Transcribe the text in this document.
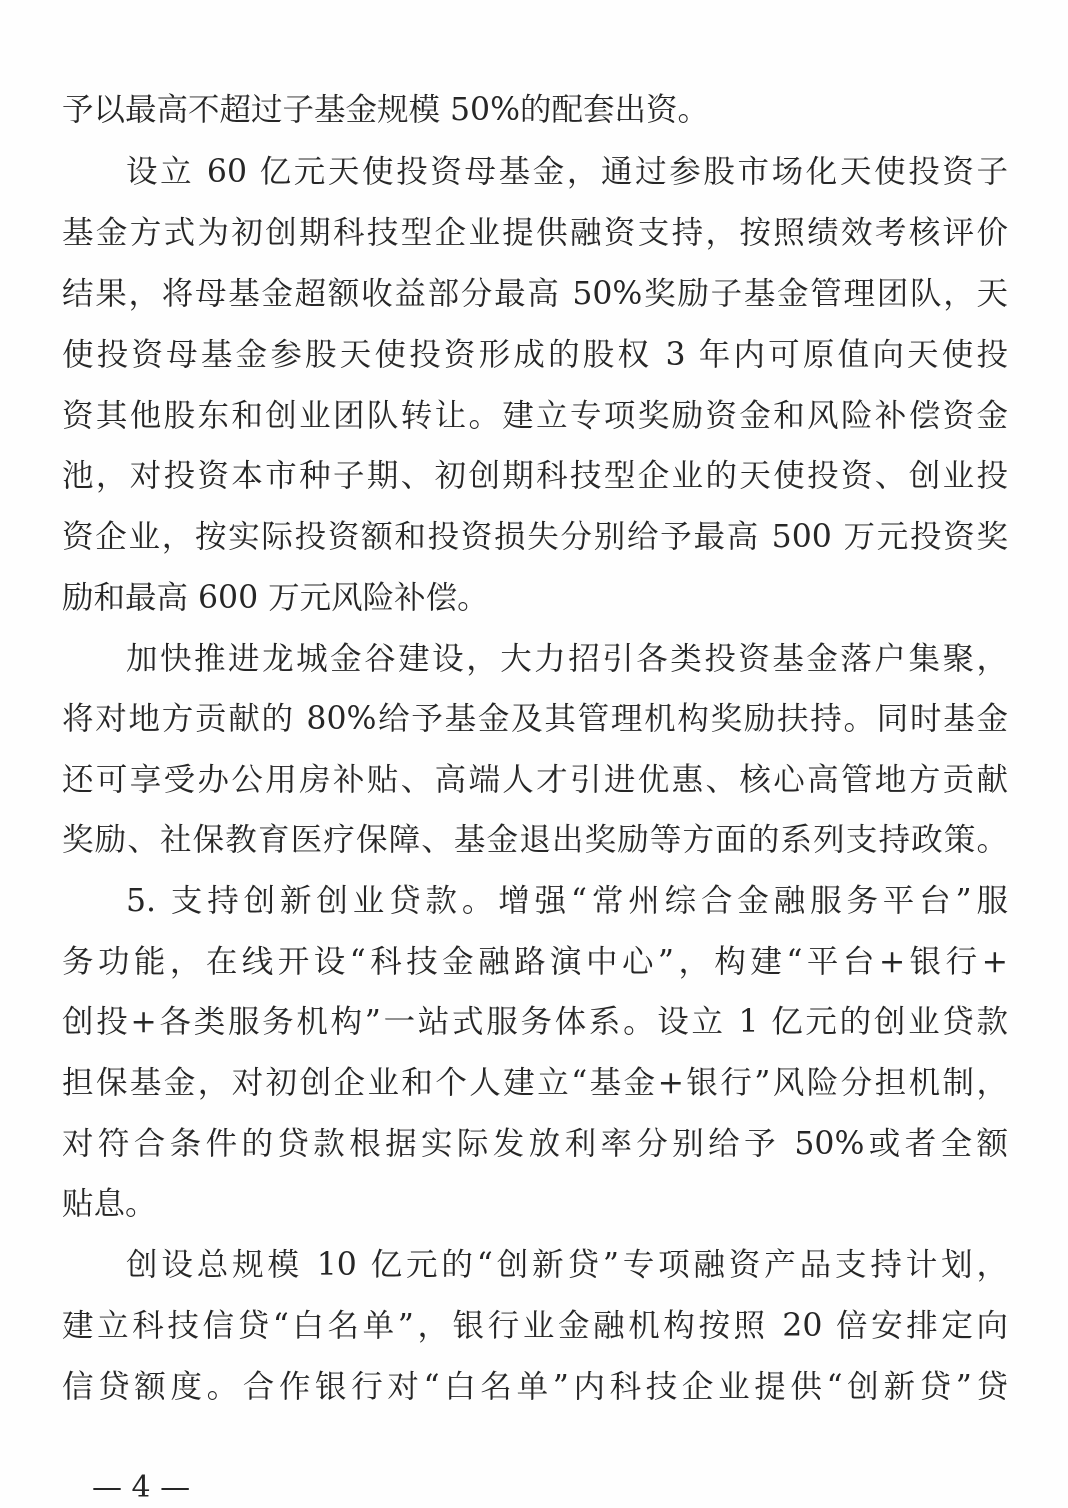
予以最高不超过子基金规模 50%的配套出资。
设立 60 亿元天使投资母基金，通过参股市场化天使投资子
基金方式为初创期科技型企业提供融资支持，按照绩效考核评价
结果，将母基金超额收益部分最高 50%奖励子基金管理团队，天
使投资母基金参股天使投资形成的股权 3 年内可原值向天使投
资其他股东和创业团队转让。建立专项奖励资金和风险补偿资金
池，对投资本市种子期、初创期科技型企业的天使投资、创业投
资企业，按实际投资额和投资损失分别给予最高 500 万元投资奖
励和最高 600 万元风险补偿。
加快推进龙城金谷建设，大力招引各类投资基金落户集聚，
将对地方贡献的 80%给予基金及其管理机构奖励扶持。同时基金
还可享受办公用房补贴、高端人才引进优惠、核心高管地方贡献
奖励、社保教育医疗保障、基金退出奖励等方面的系列支持政策。
5. 支持创新创业贷款。增强“常州综合金融服务平台”服
务功能，在线开设“科技金融路演中心”，构建“平台+银行+
创投+各类服务机构”一站式服务体系。设立 1 亿元的创业贷款
担保基金，对初创企业和个人建立“基金+银行”风险分担机制，
对符合条件的贷款根据实际发放利率分别给予 50%或者全额
贴息。
创设总规模 10 亿元的“创新贷”专项融资产品支持计划，
建立科技信贷“白名单”，银行业金融机构按照 20 倍安排定向
信贷额度。合作银行对“白名单”内科技企业提供“创新贷”贷
— 4 —
